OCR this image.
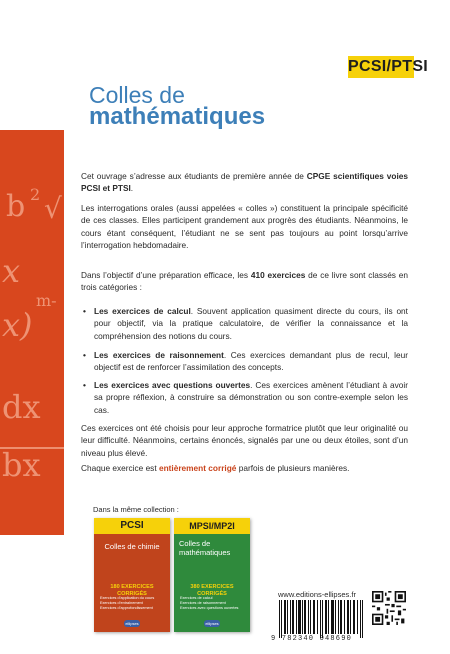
b 2 √
x
x)
m-
dx
bx
PCSI/PTSI
Colles de
mathématiques
Cet ouvrage s’adresse aux étudiants de première année de CPGE scientifiques voies PCSI et PTSI.
Les interrogations orales (aussi appelées « colles ») constituent la principale spécificité de ces classes. Elles participent grandement aux progrès des étudiants. Néanmoins, le cours étant conséquent, l’étudiant ne se sent pas toujours au point lorsqu’arrive l’interrogation hebdomadaire.
Dans l’objectif d’une préparation efficace, les 410 exercices de ce livre sont classés en trois catégories :
• Les exercices de calcul. Souvent application quasiment directe du cours, ils ont pour objectif, via la pratique calculatoire, de vérifier la connaissance et la compréhension des notions du cours.
• Les exercices de raisonnement. Ces exercices demandant plus de recul, leur objectif est de renforcer l’assimilation des concepts.
• Les exercices avec questions ouvertes. Ces exercices amènent l’étudiant à avoir sa propre réflexion, à construire sa démonstration ou son contre-exemple selon les cas.
Ces exercices ont été choisis pour leur approche formatrice plutôt que leur originalité ou leur difficulté. Néanmoins, certains énoncés, signalés par une ou deux étoiles, sont d’un niveau plus élevé.
Chaque exercice est entièrement corrigé parfois de plusieurs manières.
Dans la même collection :
PCSI
Colles de chimie
180 EXERCICES CORRIGÉS
Exercices d’application du cours
Exercices d’entraînement
Exercices d’approfondissement
ellipses
MPSI/MP2I
Colles de mathématiques
380 EXERCICES CORRIGÉS
Exercices de calcul
Exercices de raisonnement
Exercices avec questions ouvertes
ellipses
www.editions-ellipses.fr
9 782340 048690
